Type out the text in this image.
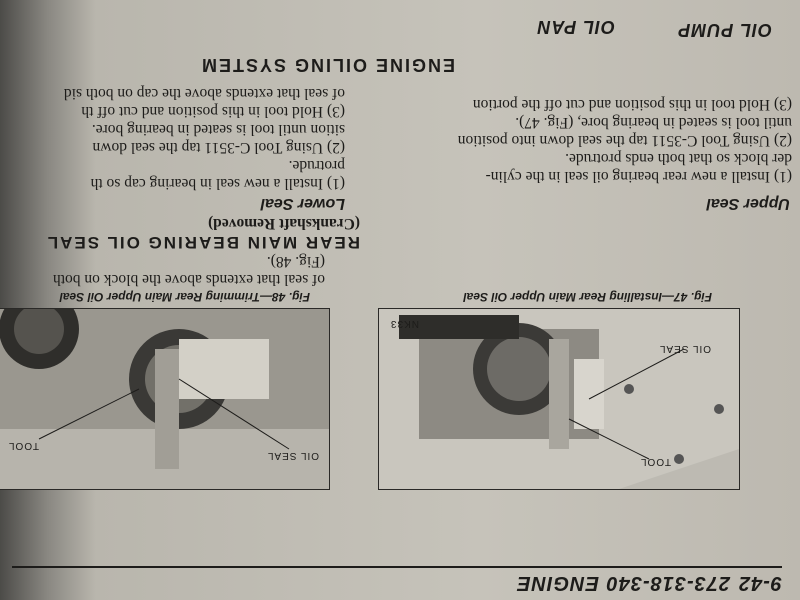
9-42
273-318-340 ENGINE
OIL PUMP
OIL PAN
OIL SEAL
TOOL
NK33
Fig. 47—Installing Rear Main Upper Oil Seal
OIL SEAL
TOOL
Fig. 48—Trimming Rear Main Upper Oil Seal
of seal that extends above the block on both
(Fig. 48).
REAR MAIN BEARING OIL SEAL
(Crankshaft Removed)
Upper Seal
(1) Install a new rear bearing oil seal in the cylin-
der block so that both ends protrude.
(2) Using Tool C-3511 tap the seal down into position
until tool is seated in bearing bore, (Fig. 47).
(3) Hold tool in this position and cut off the portion
Lower Seal
(1) Install a new seal in bearing cap so th
protrude.
(2) Using Tool C-3511 tap the seal down
sition until tool is seated in bearing bore.
(3) Hold tool in this position and cut off th
of seal that extends above the cap on both sid
ENGINE OILING SYSTEM
